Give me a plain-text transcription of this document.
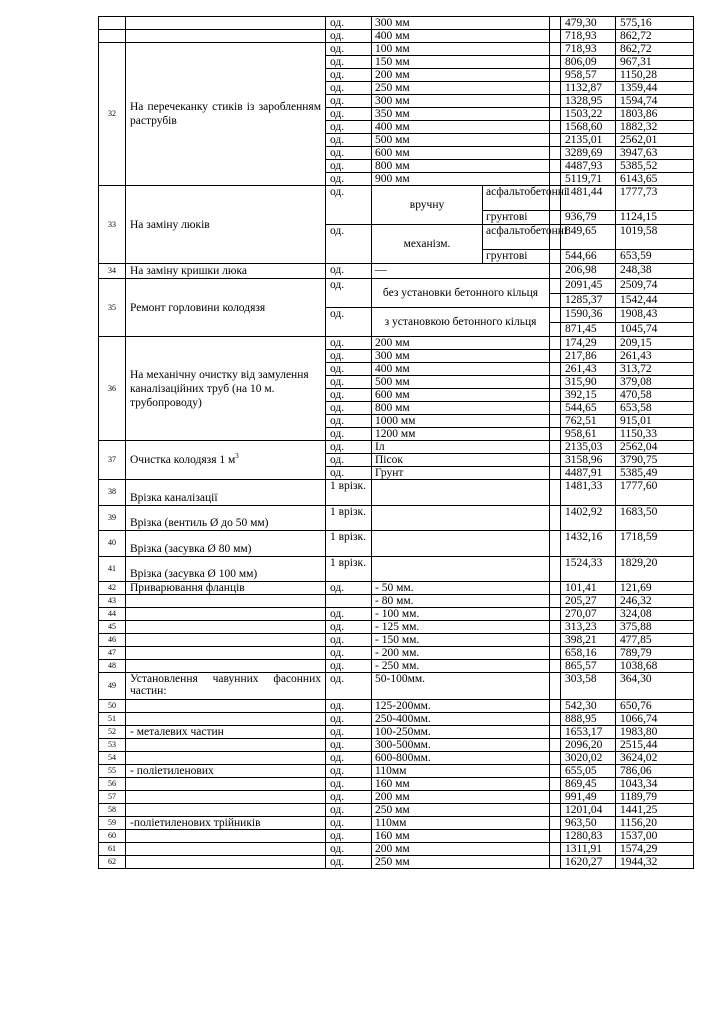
		од.	300 мм			479,30	575,16
		од.	400 мм			718,93	862,72
32	На перечеканку стиків із заробленням раструбів	од.	100 мм			718,93	862,72
		од.	150 мм			806,09	967,31
		од.	200 мм			958,57	1150,28
		од.	250 мм			1132,87	1359,44
		од.	300 мм			1328,95	1594,74
		од.	350 мм			1503,22	1803,86
		од.	400 мм			1568,60	1882,32
		од.	500 мм			2135,01	2562,01
		од.	600 мм			3289,69	3947,63
		од.	800 мм			4487,93	5385,52
		од.	900 мм			5119,71	6143,65
33	На заміну люків	од.	вручну	асфальтобетонні		1481,44	1777,73
				грунтові		936,79	1124,15
		од.	механізм.	асфальтобетонні		849,65	1019,58
				грунтові		544,66	653,59
34	На заміну кришки люка	од.	—			206,98	248,38
35	Ремонт горловини колодязя	од.	без установки бетонного кільця			2091,45	2509,74
						1285,37	1542,44
		од.	з установкою бетонного кільця			1590,36	1908,43
						871,45	1045,74
36	На механічну очистку від замулення каналізаційних труб (на 10 м. трубопроводу)	од.	200 мм			174,29	209,15
		од.	300 мм			217,86	261,43
		од.	400 мм			261,43	313,72
		од.	500 мм			315,90	379,08
		од.	600 мм			392,15	470,58
		од.	800 мм			544,65	653,58
		од.	1000 мм			762,51	915,01
		од.	1200 мм			958,61	1150,33
37	Очистка колодязя 1 $м^3$	од.	Іл			2135,03	2562,04
		од.	Пісок			3158,96	3790,75
		од.	Грунт			4487,91	5385,49
38	Врізка каналізації	1 врізк.				1481,33	1777,60
39	Врізка (вентиль Ø до 50 мм)	1 врізк.				1402,92	1683,50
40	Врізка (засувка Ø 80 мм)	1 врізк.				1432,16	1718,59
41	Врізка (засувка Ø 100 мм)	1 врізк.				1524,33	1829,20
42	Приварювання фланців	од.	- 50 мм.			101,41	121,69
43			- 80 мм.			205,27	246,32
44		од.	- 100 мм.			270,07	324,08
45		од.	- 125 мм.			313,23	375,88
46		од.	- 150 мм.			398,21	477,85
47		од.	- 200 мм.			658,16	789,79
48		од.	- 250 мм.			865,57	1038,68
49	Установлення чавунних фасонних частин:	од.	50-100мм.			303,58	364,30
50		од.	125-200мм.			542,30	650,76
51		од.	250-400мм.			888,95	1066,74
52	- металевих частин	од.	100-250мм.			1653,17	1983,80
53		од.	300-500мм.			2096,20	2515,44
54		од.	600-800мм.			3020,02	3624,02
55	- поліетиленових	од.	110мм			655,05	786,06
56		од.	160 мм			869,45	1043,34
57		од.	200 мм			991,49	1189,79
58		од.	250 мм			1201,04	1441,25
59	-поліетиленових трійників	од.	110мм			963,50	1156,20
60		од.	160 мм			1280,83	1537,00
61		од.	200 мм			1311,91	1574,29
62		од.	250 мм			1620,27	1944,32
